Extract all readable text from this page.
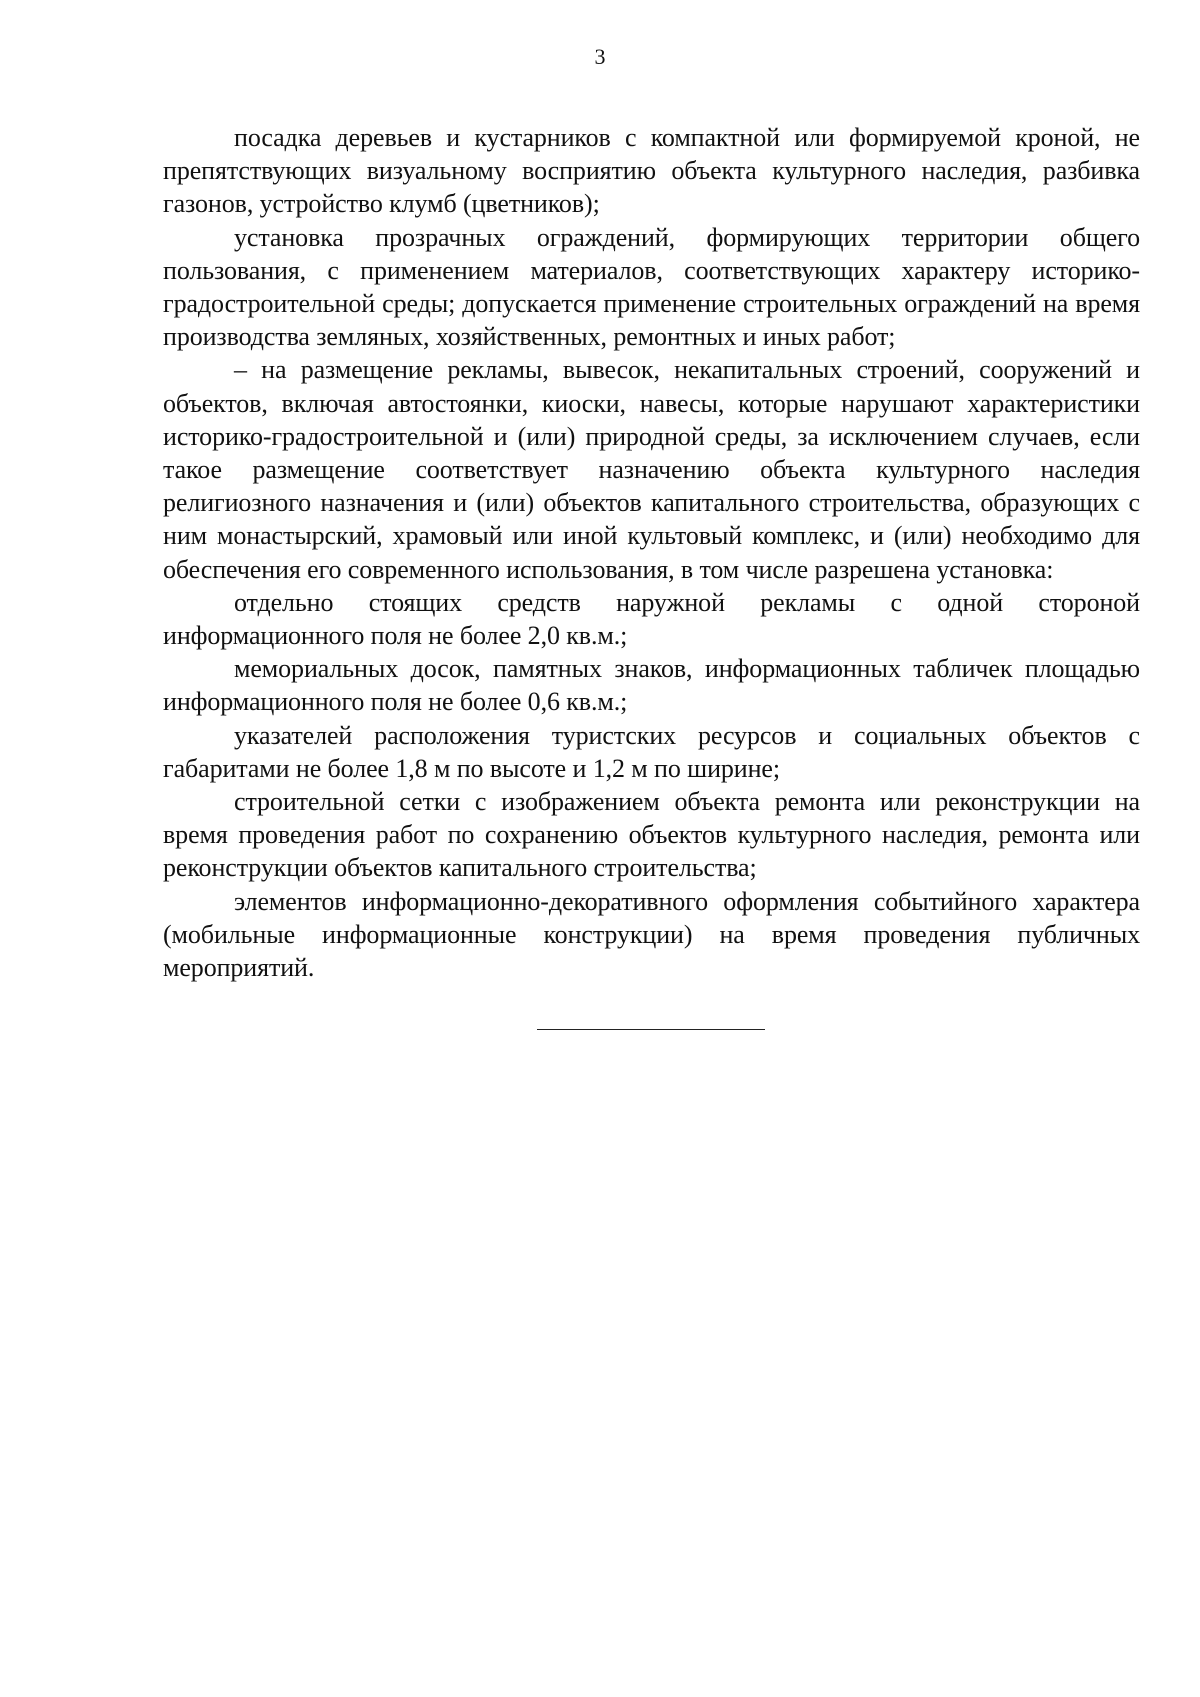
3

посадка деревьев и кустарников с компактной или формируемой кроной, не препятствующих визуальному восприятию объекта культурного наследия, разбивка газонов, устройство клумб (цветников);

установка прозрачных ограждений, формирующих территории общего пользования, с применением материалов, соответствующих характеру историко-градостроительной среды; допускается применение строительных ограждений на время производства земляных, хозяйственных, ремонтных и иных работ;

– на размещение рекламы, вывесок, некапитальных строений, сооружений и объектов, включая автостоянки, киоски, навесы, которые нарушают характеристики историко-градостроительной и (или) природной среды, за исключением случаев, если такое размещение соответствует назначению объекта культурного наследия религиозного назначения и (или) объектов капитального строительства, образующих с ним монастырский, храмовый или иной культовый комплекс, и (или) необходимо для обеспечения его современного использования, в том числе разрешена установка:

отдельно стоящих средств наружной рекламы с одной стороной информационного поля не более 2,0 кв.м.;

мемориальных досок, памятных знаков, информационных табличек площадью информационного поля не более 0,6 кв.м.;

указателей расположения туристских ресурсов и социальных объектов с габаритами не более 1,8 м по высоте и 1,2 м по ширине;

строительной сетки с изображением объекта ремонта или реконструкции на время проведения работ по сохранению объектов культурного наследия, ремонта или реконструкции объектов капитального строительства;

элементов информационно-декоративного оформления событийного характера (мобильные информационные конструкции) на время проведения публичных мероприятий.
